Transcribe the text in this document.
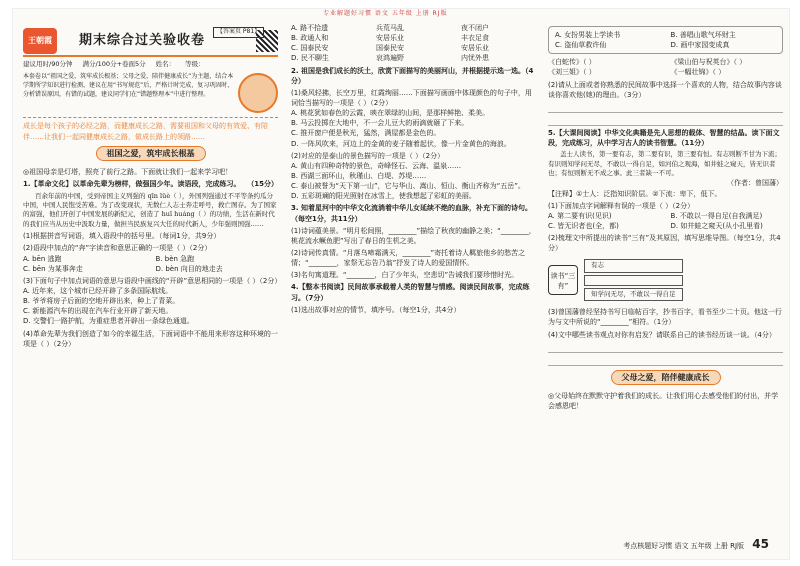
专业解题好习惯 语文 五年级 上册 RJ版
【答案页 P81】
王朝霞	期末综合过关验收卷
建议用时/90分钟 满分/100分+卷面5分 姓名： 等级：
本套卷以“祖国之爱，筑牢成长根基；父母之爱，陪伴健康成长”为主题，结合本学期所学知识进行检测，建议在用“书写规范”后，严格计时完成，复习巩固时，分析错误原因，有错的试题，建议同学们在“错题整理本”中进行整理。
成长是每个孩子的必经之路，而健康成长之路，需要祖国和父母的有效爱、有陪伴……让我们一起同健康成长之路，做成长路上的领路……
祖国之爱，筑牢成长根基
◎祖国母亲是灯塔，照亮了前行之路。下面就让我们一起来学习吧！
1.【革命文化】以革命先辈为榜样，做强国少年。读语段，完成练习。 （15分）
百余年前的中国，受到帝国主义列强的 qīn lüè（ ），外国列强通过不平等条约瓜分中国，中国人民饱受苦难。为了改变现状，无数仁人志士奔走呼号，救亡图存。为了国家的富强，他们开创了中国发展的新纪元，创造了 huī huáng（ ）的功绩，生活在新时代的我们应当从历史中汲取力量，做担当民族复兴大任的时代新人，少年强则国强……
(1)根据拼音写词语，填入语段中的括号里。（每词1分，共9分）
(2)语段中加点的“奔”字读音和意思正确的一项是（ ）（2分）
A. bēn 逃跑	B. bèn 急跑
C. bēn 为某事奔走	D. bèn 向目的地走去
(3)下面句子中加点词语的意思与语段中画线的“开辟”意思相同的一项是（ ）（2分）
A. 近年来，这个城市已经开辟了多条国际航线。
B. 爷爷将房子后面的空地开辟出来，种上了青菜。
C. 新能源汽车的出现在汽车行业开辟了新天地。
D. 交警们一路护航，为重症患者开辟出一条绿色通道。
(4)革命先辈为我们创造了如今的幸福生活，下面词语中不能用来形容这种环境的一项是（ ）（2分）
A. 路不拾遗	兵荒马乱	夜不闭户
B. 政通人和	安居乐业	丰衣足食
C. 国泰民安	国泰民安	安居乐业
D. 民不聊生	哀鸿遍野	内忧外患
2. 祖国是我们成长的沃土，欣赏下面描写的美丽河山，并根据提示选一选。（4分）
(1)桑风轻拂，长空万里，红霞绚丽……下面描写画面中体现颜色的句子中，用词恰当描写的一项是（ ）（2分）
A. 桃花犹如春色的云霞，映在翠绿的山间，是那样鲜艳、柔美。
B. 马云投掷在大地中，不一会儿豆大的雨滴就砸了下来。
C. 推开窗户便是秋光，猛然，满屋都是金色的。
D. 一阵风吹来，河边上的金黄的麦子随着起伏，像一片金黄色的海浪。
(2)对应的是泰山的景色描写的一项是（ ）（2分）
A. 黄山有四种奇特的景色，奇峰怪石、云海、温泉……
B. 西湖三面环山，秋瑾山、白堤、苏堤……
C. 泰山被誉为“天下第一山”，它与华山、嵩山、恒山、衡山齐称为“五岳”。
D. 五彩斑斓的阳光照射在冰雪上，使我想起了彩虹的美丽。
3. 知着星河中的中华文化流淌着中华儿女延续不绝的血脉，补充下面的诗句。（每空1分，共11分）
(1)诗词蕴美景。“明月松间照，________”描绘了秋夜的幽静之美；“________，桃花流水鳜鱼肥”写出了春日的生机之美。
(2)诗词传真情。“月落乌啼霜满天，________”寄托着诗人羁旅他乡的愁苦之情；“________，家祭无忘告乃翁”抒发了诗人的爱国情怀。
(3)名句寓道理。“________，白了少年头，空悲切”告诫我们要珍惜时光。
4.【整本书阅读】民间故事承载着人类的智慧与情感。阅读民间故事，完成练习。（7分）
(1)选出故事对应的情节，填序号。（每空1分，共4分）
A. 女扮男装上学读书	B. 善唱山歌气坏财主
C. 盗仙草救许仙	D. 画中家园变成真
《白蛇传》（ ）	《梁山伯与祝英台》（ ）
《刘三姐》（ ）	《一幅壮锦》（ ）
(2)请从上面或者你熟悉的民间故事中选择一个喜欢的人物，结合故事内容谈谈你喜欢他(她)的理由。（3分）
5.【大课间阅读】中华文化典籍是先人思想的载体、智慧的结晶。读下面文段，完成练习，从中学习古人的读书智慧。（11分）
盖士人读书，第一要有志，第二要有识，第三要有恒。有志则断不甘为下流；有识则知学问无尽，不敢以一得自足，如河伯之观海，如井蛙之窥天，皆无识者也；有恒则断无不成之事。此三者缺一不可。
（作者：曾国藩）
【注释】①士人：泛指知识阶层。②下流：卑下，低下。
(1)下面加点字词解释有误的一项是（ ）（2分）
A. 第二要有识(见识)	B. 不敢以一得自足(自我满足)
C. 皆无识者也(全，都)	D. 如井蛙之窥天(从小孔里看)
(2)梳理文中所提出的读书“三有”及其原因，填写思维导图。（每空1分，共4分）
读书“三有”
有志
知学问无尽，不敢以一得自足
(3)曾国藩曾经坚持书写日临帖百字，抄书百字，看书至少二十页。他这一行为与文中所说的“________”相符。（1分）
(4)文中哪些读书观点对你有启发？请联系自己的读书经历谈一谈。（4分）
父母之爱，陪伴健康成长
◎父母始终在默默守护着我们的成长。让我们用心去感受他们的付出，并学会感恩吧！
考点核题好习惯 语文 五年级 上册 RJ版 45
